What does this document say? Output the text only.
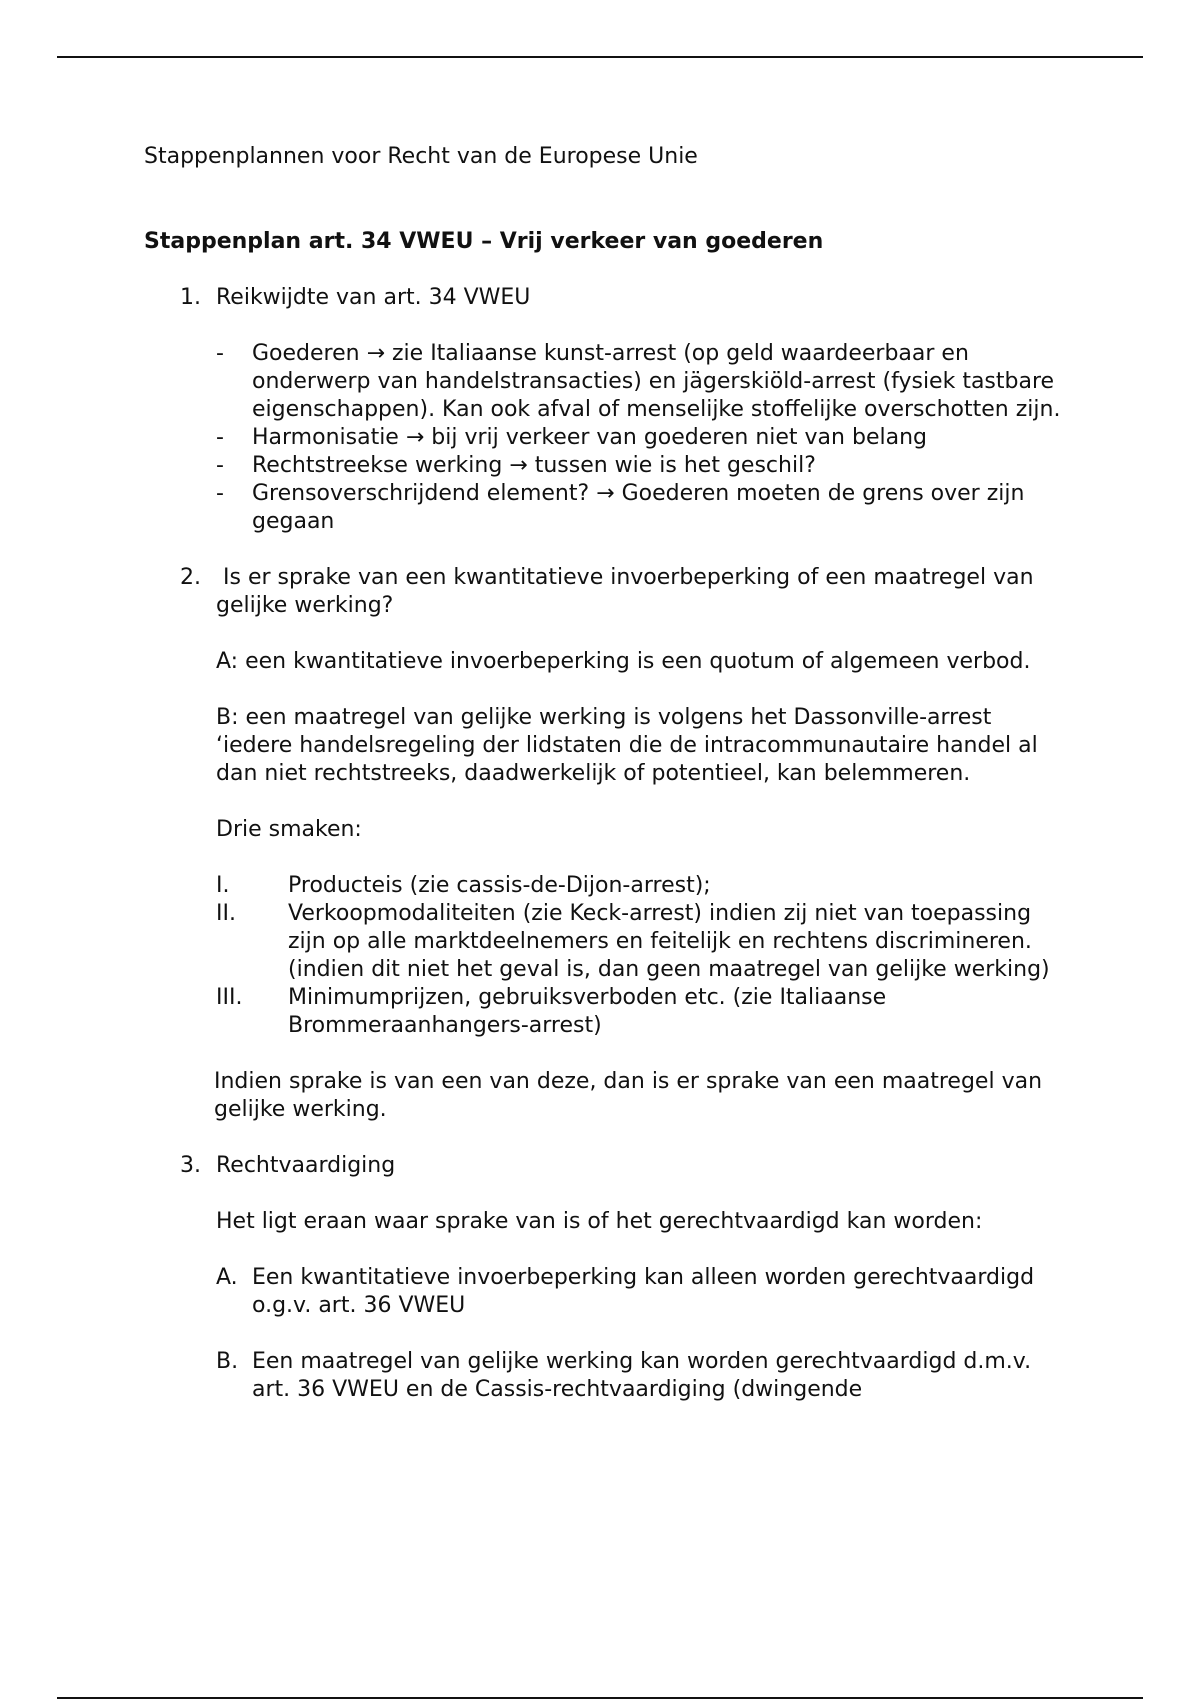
Stappenplannen voor Recht van de Europese Unie

Stappenplan art. 34 VWEU – Vrij verkeer van goederen

1. Reikwijdte van art. 34 VWEU
-	Goederen → zie Italiaanse kunst-arrest (op geld waardeerbaar en onderwerp van handelstransacties) en jägerskiöld-arrest (fysiek tastbare eigenschappen). Kan ook afval of menselijke stoffelijke overschotten zijn.
-	Harmonisatie → bij vrij verkeer van goederen niet van belang
-	Rechtstreekse werking → tussen wie is het geschil?
-	Grensoverschrijdend element? → Goederen moeten de grens over zijn gegaan
2. Is er sprake van een kwantitatieve invoerbeperking of een maatregel van gelijke werking?
A: een kwantitatieve invoerbeperking is een quotum of algemeen verbod.
B: een maatregel van gelijke werking is volgens het Dassonville-arrest ‘iedere handelsregeling der lidstaten die de intracommunautaire handel al dan niet rechtstreeks, daadwerkelijk of potentieel, kan belemmeren.
Drie smaken:
I.	Producteis (zie cassis-de-Dijon-arrest);
II.	Verkoopmodaliteiten (zie Keck-arrest) indien zij niet van toepassing zijn op alle marktdeelnemers en feitelijk en rechtens discrimineren. (indien dit niet het geval is, dan geen maatregel van gelijke werking)
III.	Minimumprijzen, gebruiksverboden etc. (zie Italiaanse Brommeraanhangers-arrest)
Indien sprake is van een van deze, dan is er sprake van een maatregel van gelijke werking.
3. Rechtvaardiging
Het ligt eraan waar sprake van is of het gerechtvaardigd kan worden:
A. Een kwantitatieve invoerbeperking kan alleen worden gerechtvaardigd o.g.v. art. 36 VWEU
B. Een maatregel van gelijke werking kan worden gerechtvaardigd d.m.v. art. 36 VWEU en de Cassis-rechtvaardiging (dwingende
